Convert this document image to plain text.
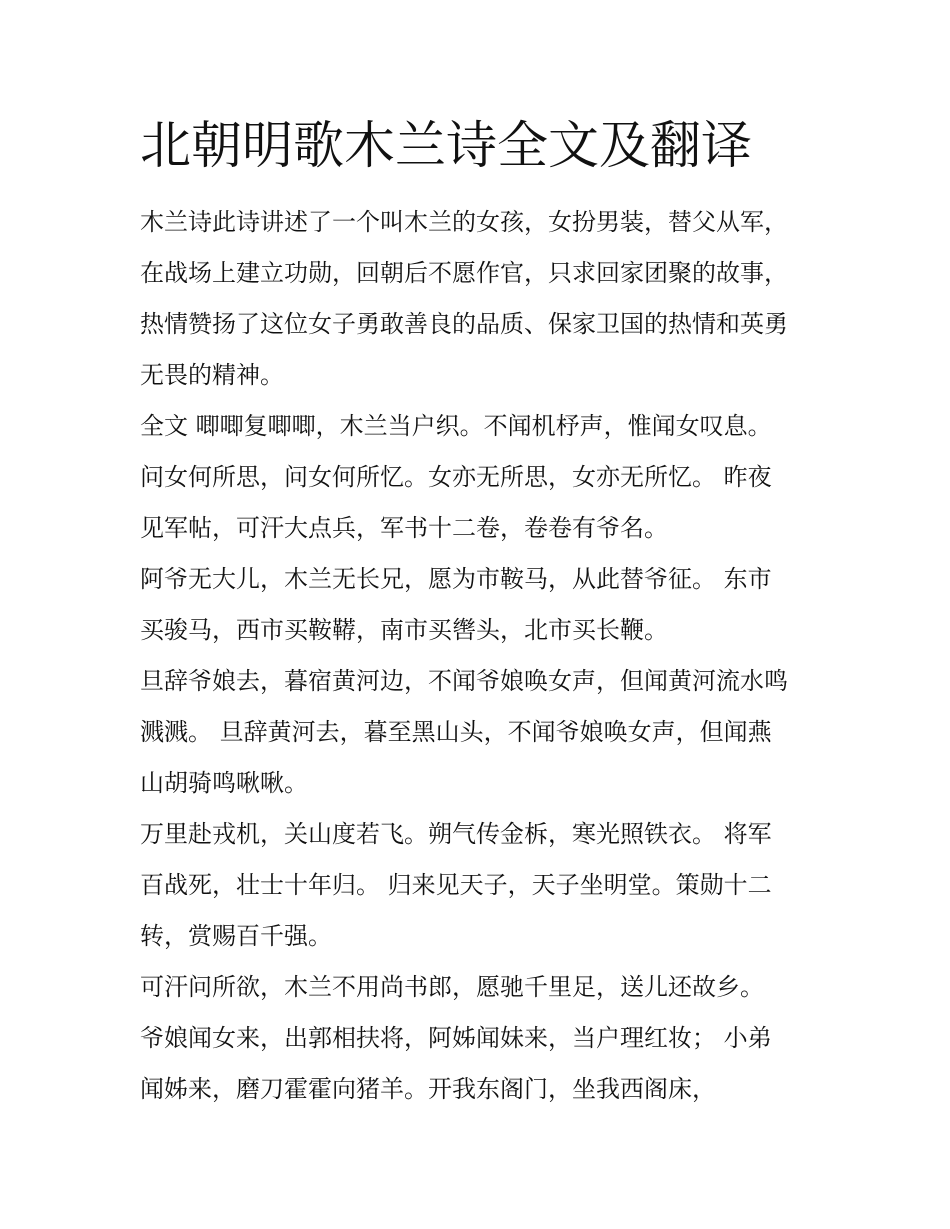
北朝明歌木兰诗全文及翻译

木兰诗此诗讲述了一个叫木兰的女孩，女扮男装，替父从军，

在战场上建立功勋，回朝后不愿作官，只求回家团聚的故事，

热情赞扬了这位女子勇敢善良的品质、保家卫国的热情和英勇

无畏的精神。

全文 唧唧复唧唧，木兰当户织。不闻机杼声，惟闻女叹息。

问女何所思，问女何所忆。女亦无所思，女亦无所忆。 昨夜

见军帖，可汗大点兵，军书十二卷，卷卷有爷名。

阿爷无大儿，木兰无长兄，愿为市鞍马，从此替爷征。 东市

买骏马，西市买鞍鞯，南市买辔头，北市买长鞭。

旦辞爷娘去，暮宿黄河边，不闻爷娘唤女声，但闻黄河流水鸣

溅溅。 旦辞黄河去，暮至黑山头，不闻爷娘唤女声，但闻燕

山胡骑鸣啾啾。

万里赴戎机，关山度若飞。朔气传金柝，寒光照铁衣。 将军

百战死，壮士十年归。 归来见天子，天子坐明堂。策勋十二

转，赏赐百千强。

可汗问所欲，木兰不用尚书郎，愿驰千里足，送儿还故乡。

爷娘闻女来，出郭相扶将，阿姊闻妹来，当户理红妆； 小弟

闻姊来，磨刀霍霍向猪羊。开我东阁门，坐我西阁床，
